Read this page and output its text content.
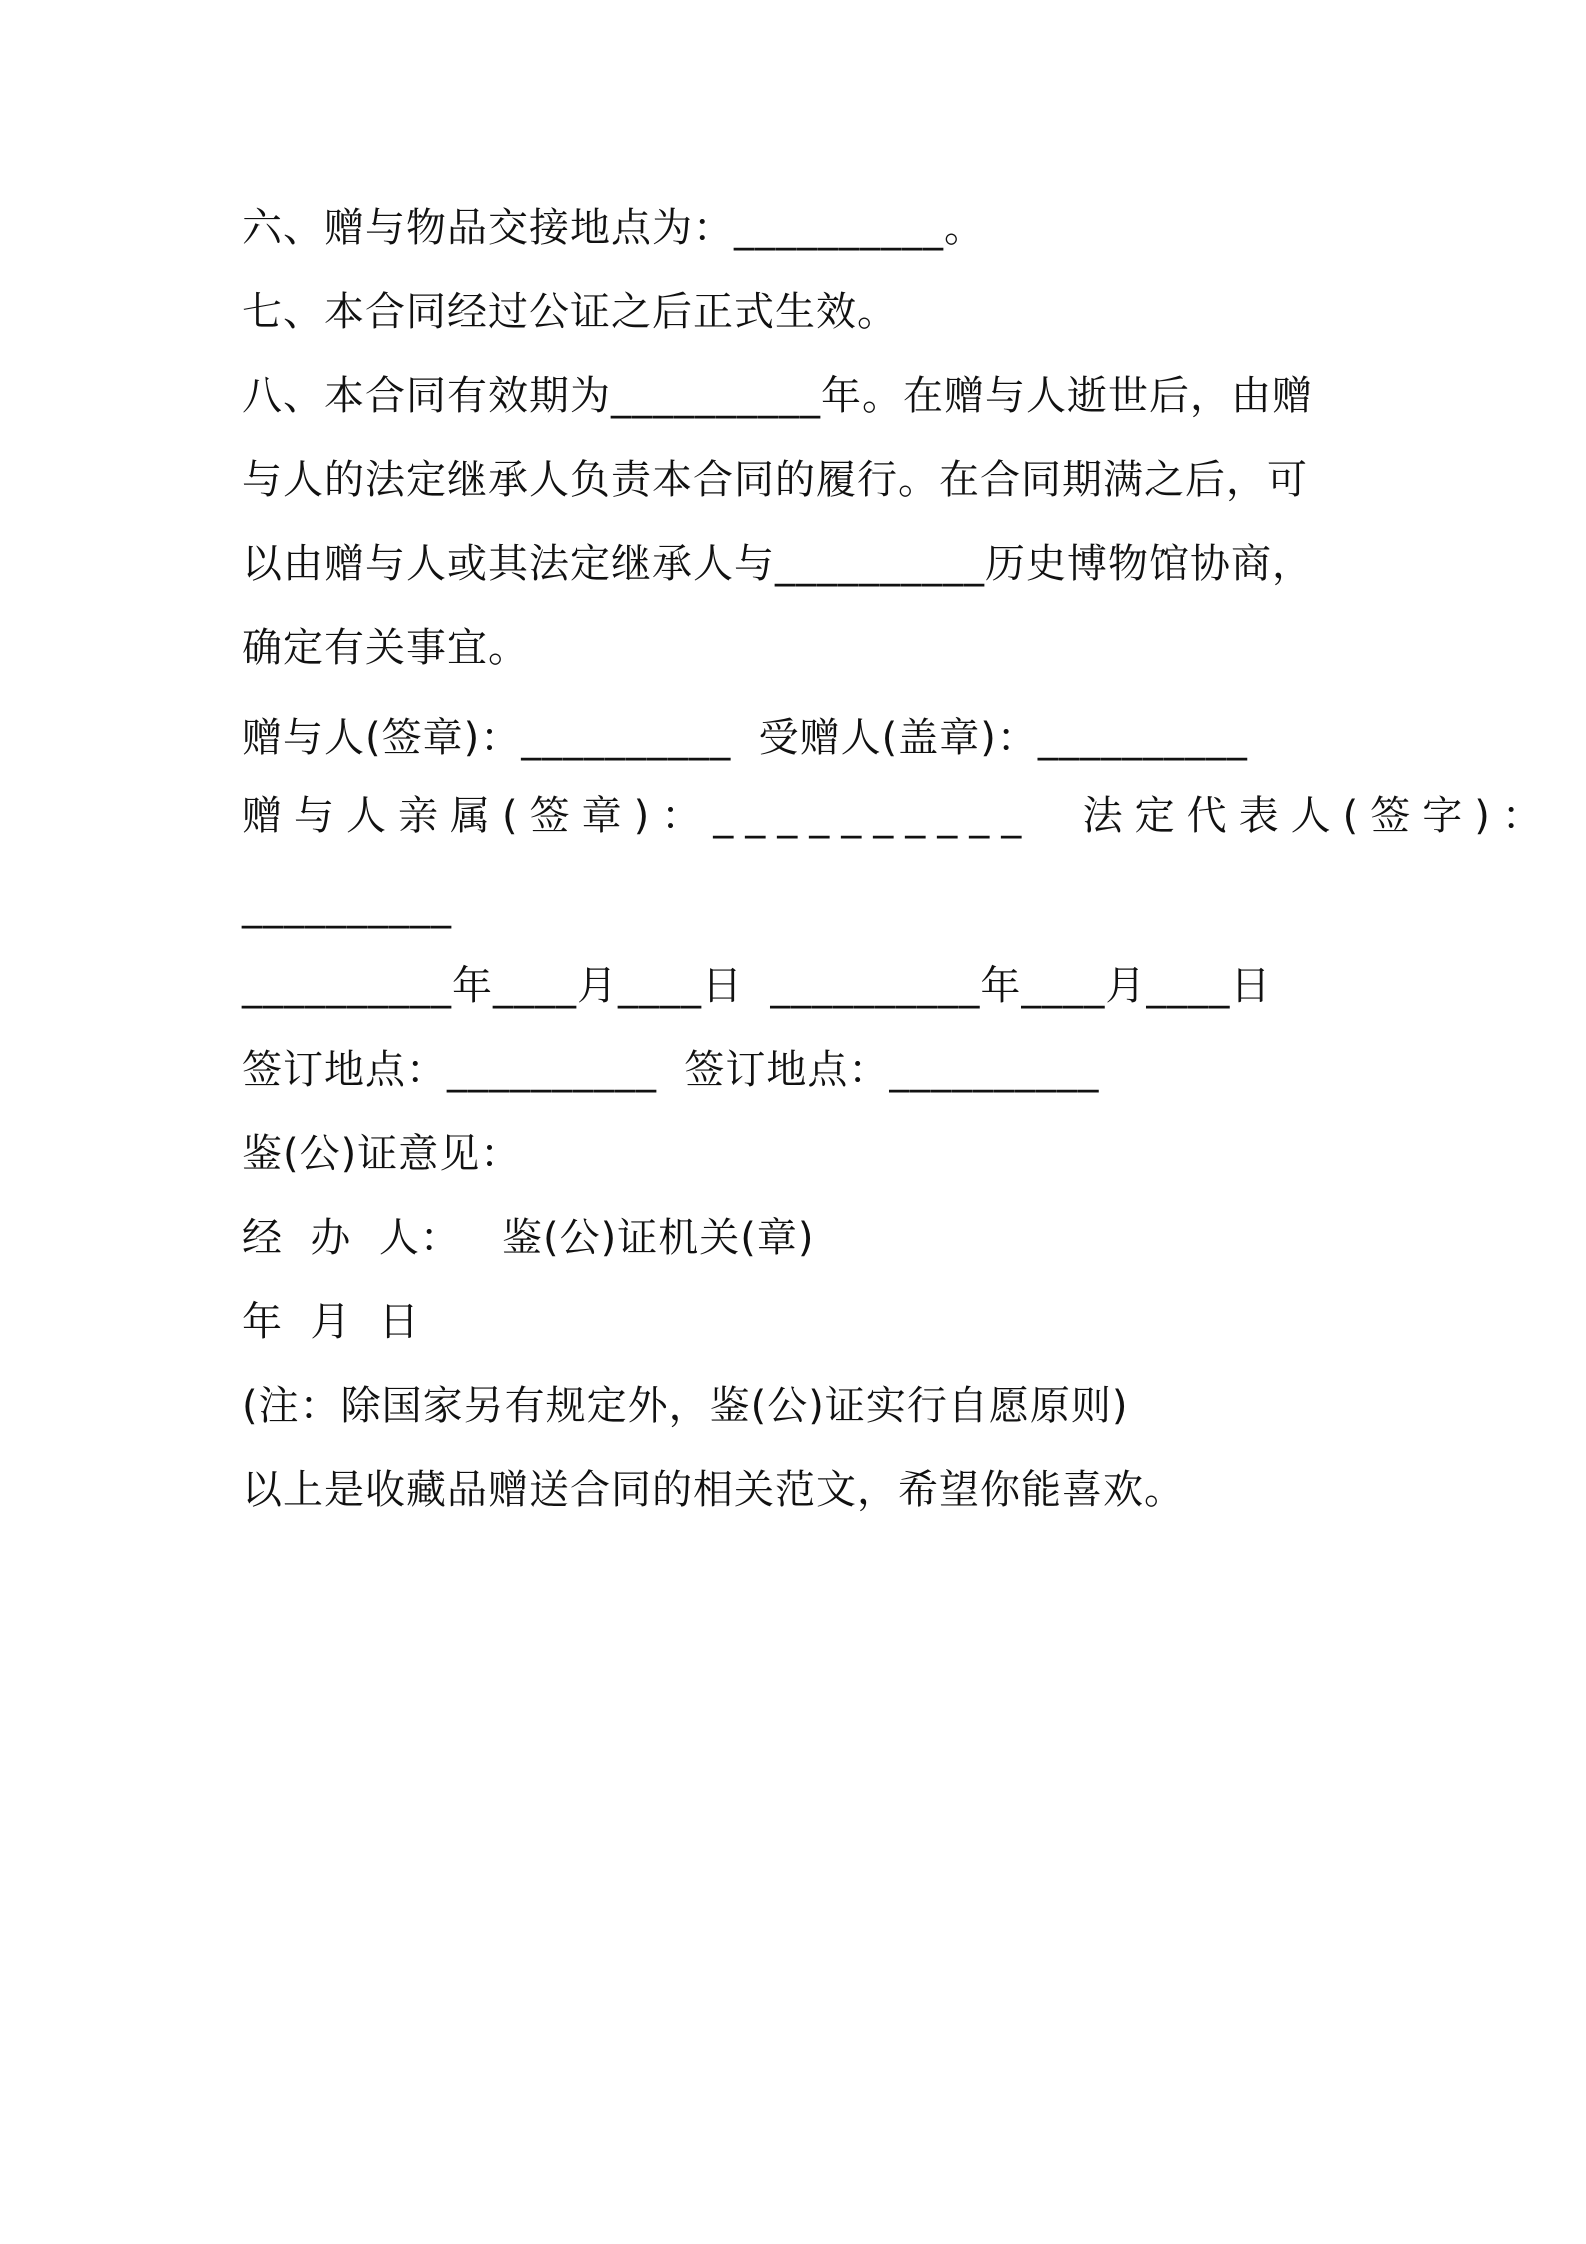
六、赠与物品交接地点为：__________。
七、本合同经过公证之后正式生效。
八、本合同有效期为__________年。在赠与人逝世后，由赠
与人的法定继承人负责本合同的履行。在合同期满之后，可
以由赠与人或其法定继承人与__________历史博物馆协商，
确定有关事宜。
赠与人(签章)：__________  受赠人(盖章)：__________
赠与人亲属(签章)：__________  法定代表人(签字)：
__________
__________年____月____日  __________年____月____日
签订地点：__________  签订地点：__________
鉴(公)证意见：
经  办  人：   鉴(公)证机关(章)
年  月  日
(注：除国家另有规定外，鉴(公)证实行自愿原则)
以上是收藏品赠送合同的相关范文，希望你能喜欢。
